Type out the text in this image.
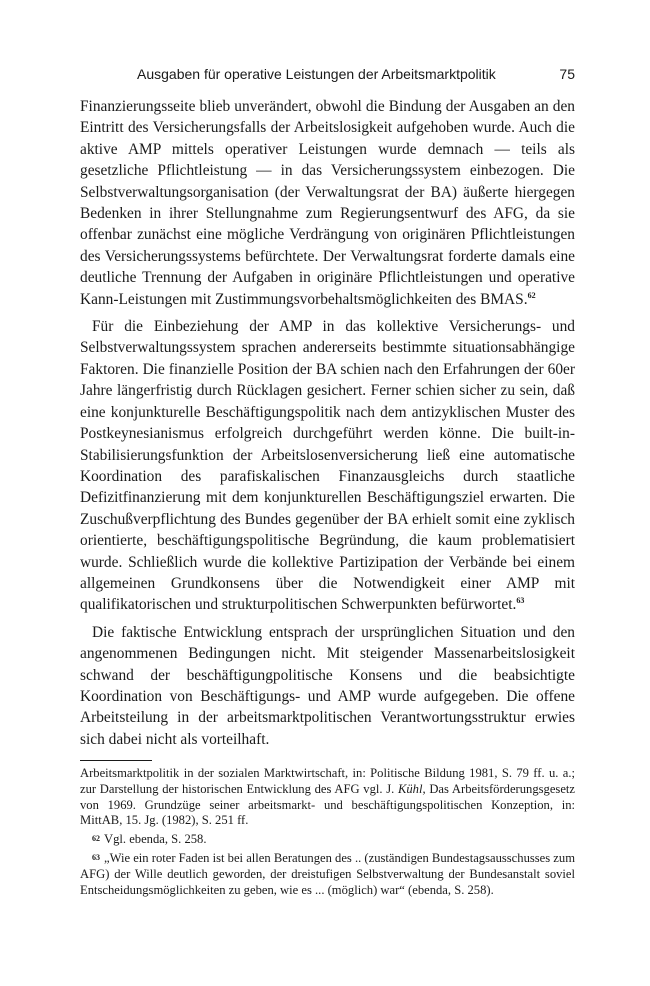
Ausgaben für operative Leistungen der Arbeitsmarktpolitik	75

Finanzierungsseite blieb unverändert, obwohl die Bindung der Ausgaben an den Eintritt des Versicherungsfalls der Arbeitslosigkeit aufgehoben wurde. Auch die aktive AMP mittels operativer Leistungen wurde demnach — teils als gesetzliche Pflichtleistung — in das Versicherungssystem einbezogen. Die Selbstverwaltungsorganisation (der Verwaltungsrat der BA) äußerte hiergegen Bedenken in ihrer Stellungnahme zum Regierungsentwurf des AFG, da sie offenbar zunächst eine mögliche Verdrängung von originären Pflichtleistungen des Versicherungssystems befürchtete. Der Verwaltungsrat forderte damals eine deutliche Trennung der Aufgaben in originäre Pflichtleistungen und operative Kann-Leistungen mit Zustimmungsvorbehaltsmöglichkeiten des BMAS.$^{62}$

Für die Einbeziehung der AMP in das kollektive Versicherungs- und Selbstverwaltungssystem sprachen andererseits bestimmte situationsabhängige Faktoren. Die finanzielle Position der BA schien nach den Erfahrungen der 60er Jahre längerfristig durch Rücklagen gesichert. Ferner schien sicher zu sein, daß eine konjunkturelle Beschäftigungspolitik nach dem antizyklischen Muster des Postkeynesianismus erfolgreich durchgeführt werden könne. Die built-in-Stabilisierungsfunktion der Arbeitslosenversicherung ließ eine automatische Koordination des parafiskalischen Finanzausgleichs durch staatliche Defizitfinanzierung mit dem konjunkturellen Beschäftigungsziel erwarten. Die Zuschußverpflichtung des Bundes gegenüber der BA erhielt somit eine zyklisch orientierte, beschäftigungspolitische Begründung, die kaum problematisiert wurde. Schließlich wurde die kollektive Partizipation der Verbände bei einem allgemeinen Grundkonsens über die Notwendigkeit einer AMP mit qualifikatorischen und strukturpolitischen Schwerpunkten befürwortet.$^{63}$

Die faktische Entwicklung entsprach der ursprünglichen Situation und den angenommenen Bedingungen nicht. Mit steigender Massenarbeitslosigkeit schwand der beschäftigungpolitische Konsens und die beabsichtigte Koordination von Beschäftigungs- und AMP wurde aufgegeben. Die offene Arbeitsteilung in der arbeitsmarktpolitischen Verantwortungsstruktur erwies sich dabei nicht als vorteilhaft.

Arbeitsmarktpolitik in der sozialen Marktwirtschaft, in: Politische Bildung 1981, S. 79 ff. u. a.; zur Darstellung der historischen Entwicklung des AFG vgl. J. Kühl, Das Arbeitsförderungsgesetz von 1969. Grundzüge seiner arbeitsmarkt- und beschäftigungspolitischen Konzeption, in: MittAB, 15. Jg. (1982), S. 251 ff.

62 Vgl. ebenda, S. 258.

63 „Wie ein roter Faden ist bei allen Beratungen des .. (zuständigen Bundestagsausschusses zum AFG) der Wille deutlich geworden, der dreistufigen Selbstverwaltung der Bundesanstalt soviel Entscheidungsmöglichkeiten zu geben, wie es ... (möglich) war“ (ebenda, S. 258).
